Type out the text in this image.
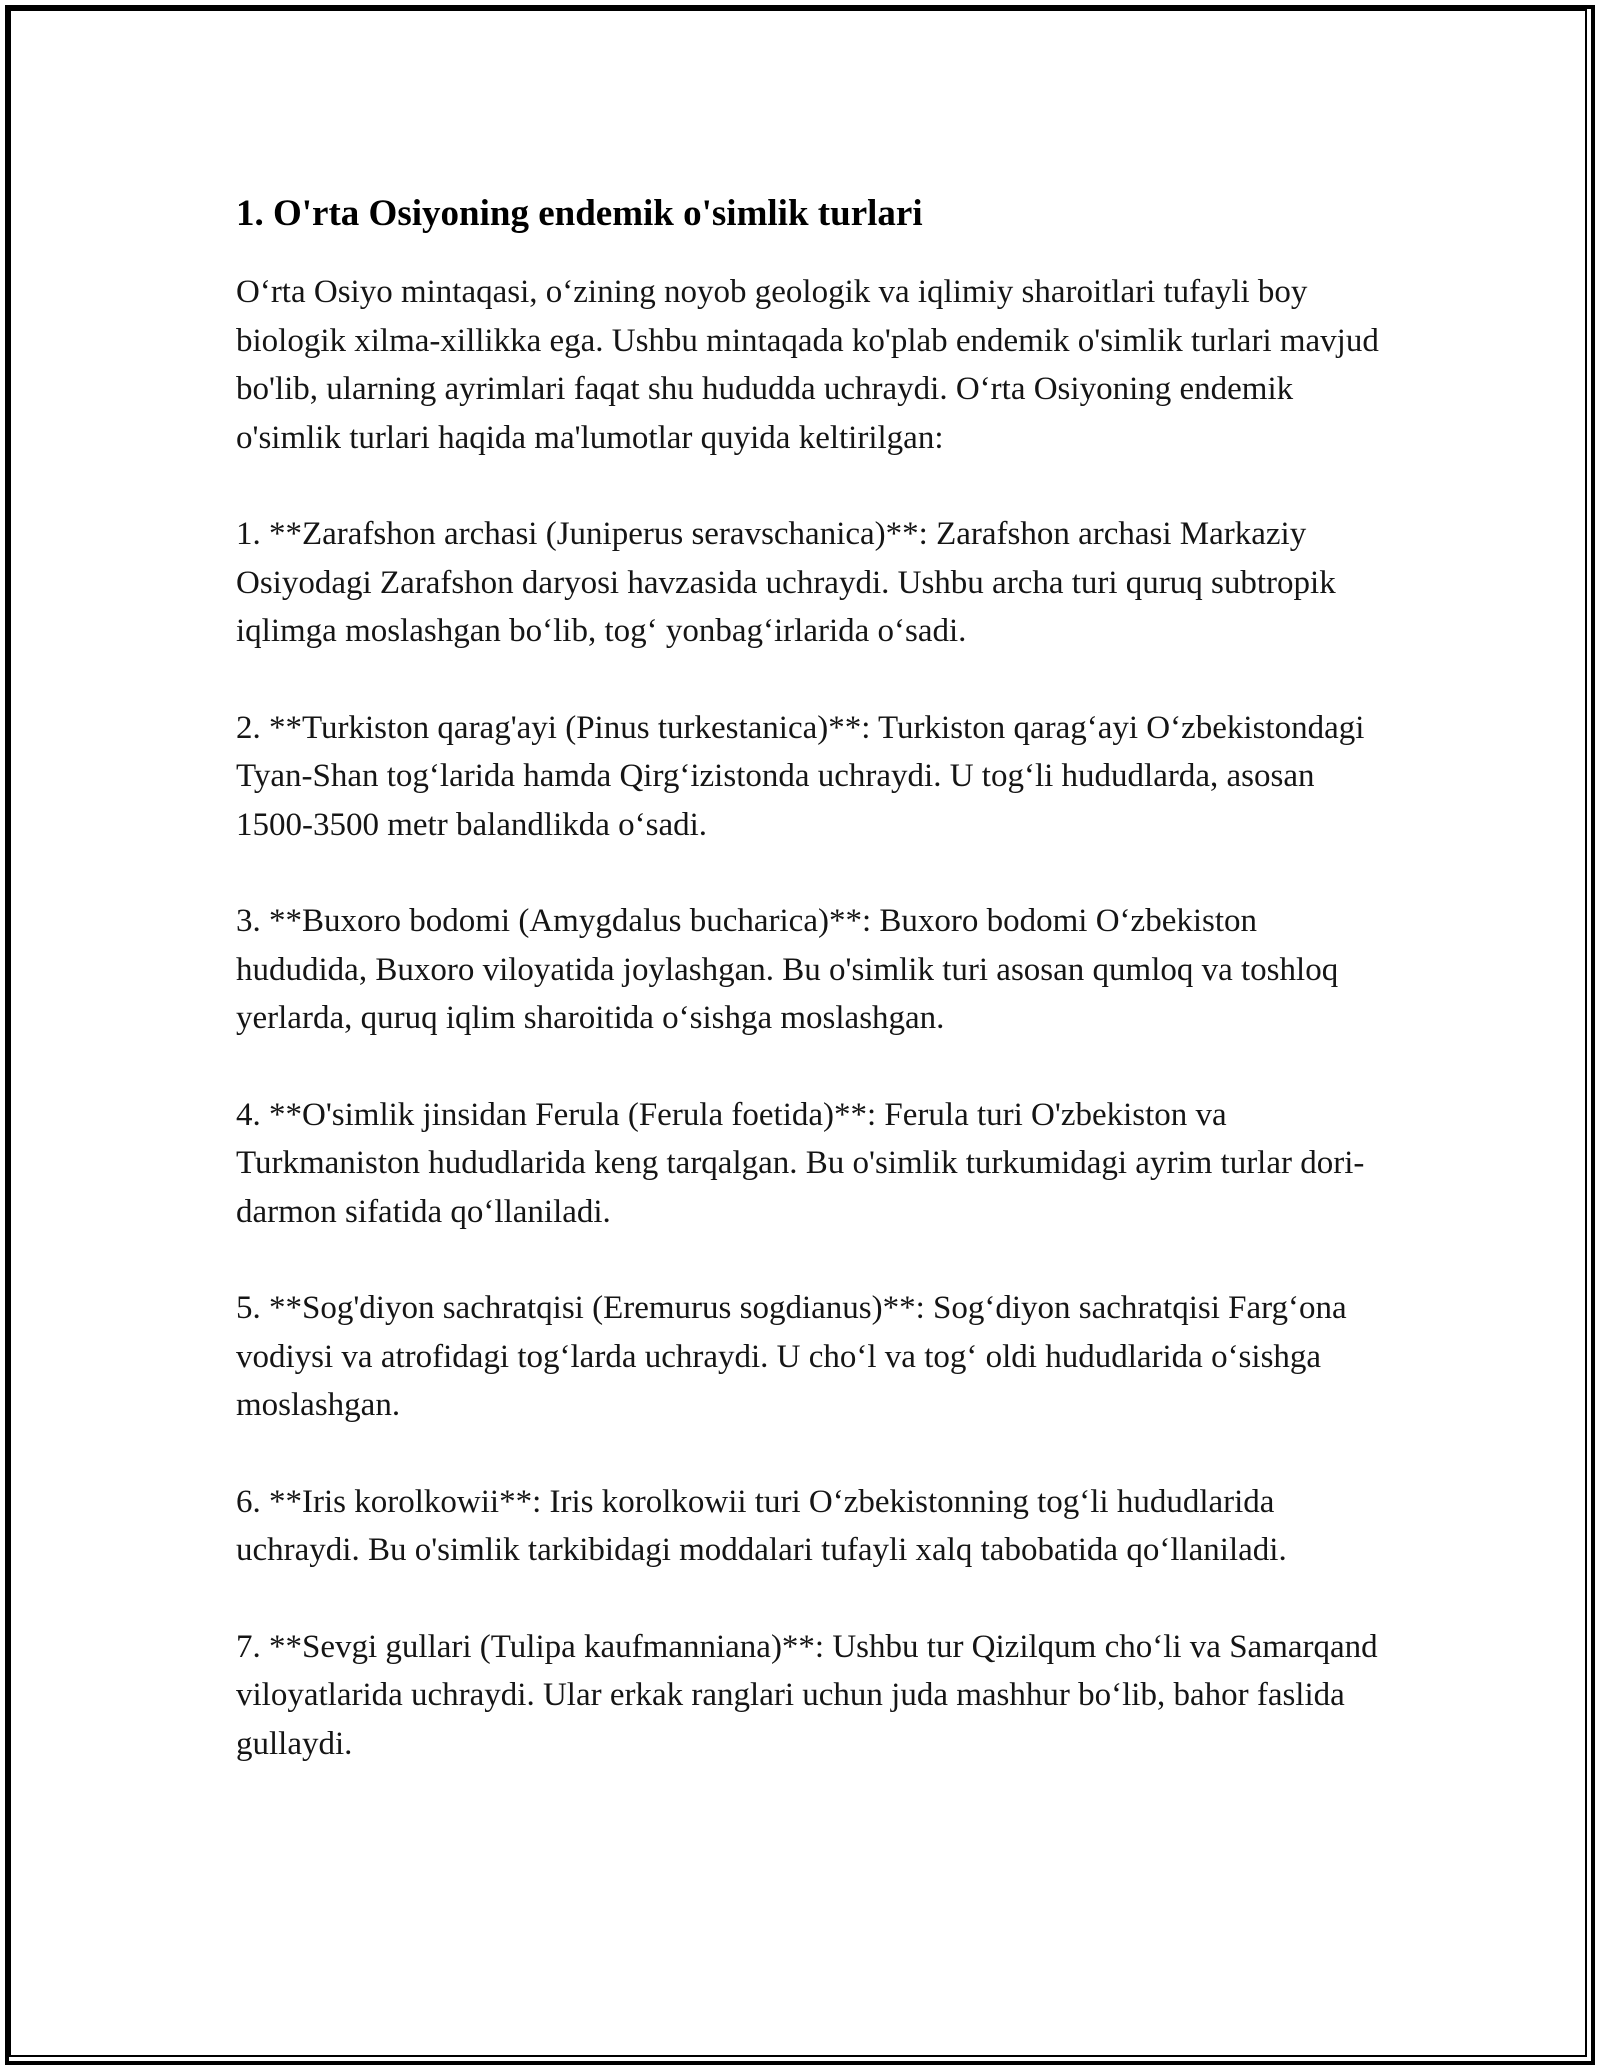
1. O'rta Osiyoning endemik o'simlik turlari

Oʻrta Osiyo mintaqasi, oʻzining noyob geologik va iqlimiy sharoitlari tufayli boy biologik xilma-xillikka ega. Ushbu mintaqada ko'plab endemik o'simlik turlari mavjud bo'lib, ularning ayrimlari faqat shu hududda uchraydi. Oʻrta Osiyoning endemik o'simlik turlari haqida ma'lumotlar quyida keltirilgan:

1. **Zarafshon archasi (Juniperus seravschanica)**: Zarafshon archasi Markaziy Osiyodagi Zarafshon daryosi havzasida uchraydi. Ushbu archa turi quruq subtropik iqlimga moslashgan boʻlib, togʻ yonbagʻirlarida oʻsadi.

2. **Turkiston qarag'ayi (Pinus turkestanica)**: Turkiston qaragʻayi Oʻzbekistondagi Tyan-Shan togʻlarida hamda Qirgʻizistonda uchraydi. U togʻli hududlarda, asosan 1500-3500 metr balandlikda oʻsadi.

3. **Buxoro bodomi (Amygdalus bucharica)**: Buxoro bodomi Oʻzbekiston hududida, Buxoro viloyatida joylashgan. Bu o'simlik turi asosan qumloq va toshloq yerlarda, quruq iqlim sharoitida oʻsishga moslashgan.

4. **O'simlik jinsidan Ferula (Ferula foetida)**: Ferula turi O'zbekiston va Turkmaniston hududlarida keng tarqalgan. Bu o'simlik turkumidagi ayrim turlar dori-darmon sifatida qoʻllaniladi.

5. **Sog'diyon sachratqisi (Eremurus sogdianus)**: Sogʻdiyon sachratqisi Fargʻona vodiysi va atrofidagi togʻlarda uchraydi. U choʻl va togʻ oldi hududlarida oʻsishga moslashgan.

6. **Iris korolkowii**: Iris korolkowii turi Oʻzbekistonning togʻli hududlarida uchraydi. Bu o'simlik tarkibidagi moddalari tufayli xalq tabobatida qoʻllaniladi.

7. **Sevgi gullari (Tulipa kaufmanniana)**: Ushbu tur Qizilqum choʻli va Samarqand viloyatlarida uchraydi. Ular erkak ranglari uchun juda mashhur boʻlib, bahor faslida gullaydi.
